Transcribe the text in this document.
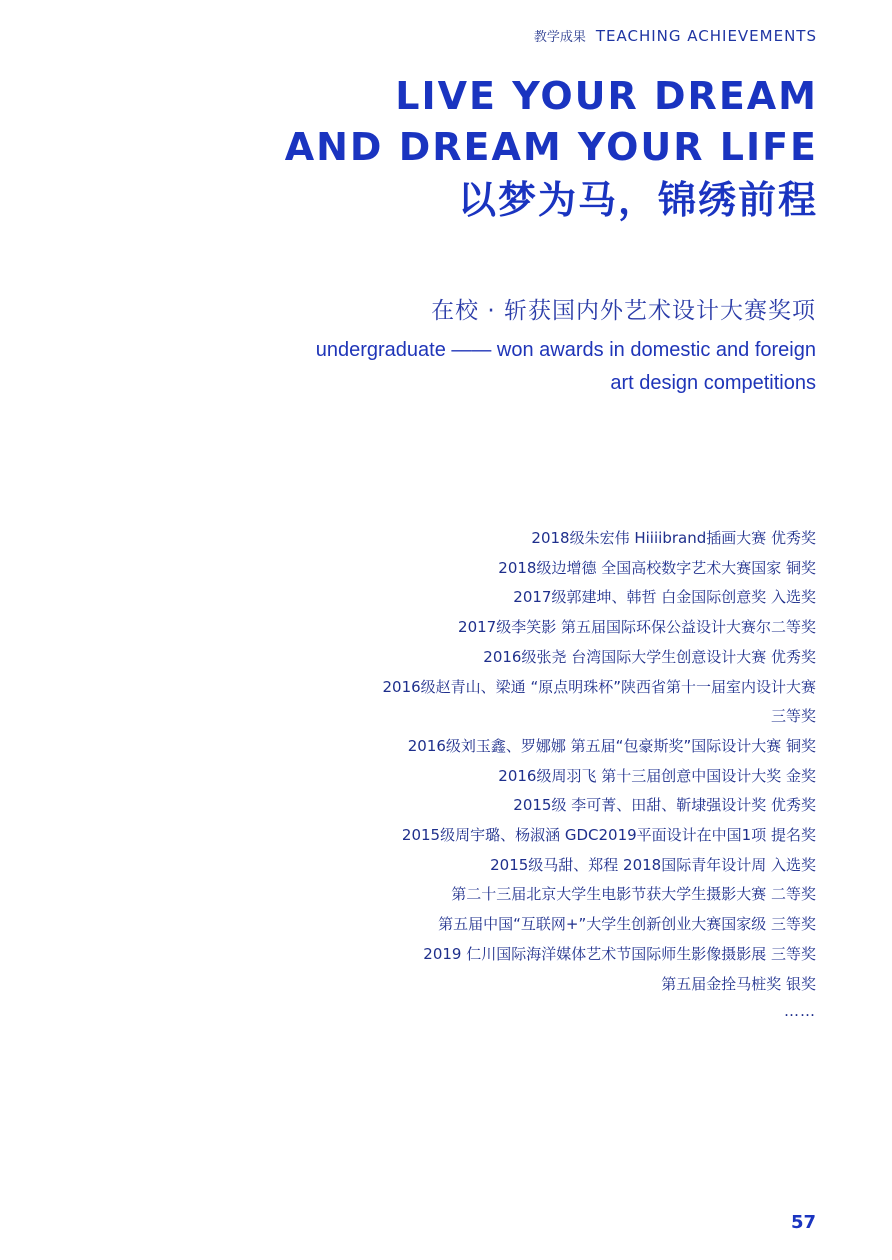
教学成果 TEACHING ACHIEVEMENTS
LIVE YOUR DREAM
AND DREAM YOUR LIFE
以梦为马，锦绣前程
在校 · 斩获国内外艺术设计大赛奖项
undergraduate —— won awards in domestic and foreign art design competitions
2018级朱宏伟 Hiiiibrand插画大赛 优秀奖
2018级边增德 全国高校数字艺术大赛国家 铜奖
2017级郭建坤、韩哲 白金国际创意奖 入选奖
2017级李笑影 第五届国际环保公益设计大赛尔二等奖
2016级张尧 台湾国际大学生创意设计大赛 优秀奖
2016级赵青山、梁通 “原点明珠杯”陕西省第十一届室内设计大赛
三等奖
2016级刘玉鑫、罗娜娜 第五届“包豪斯奖”国际设计大赛 铜奖
2016级周羽飞 第十三届创意中国设计大奖 金奖
2015级 李可菁、田甜、靳埭强设计奖 优秀奖
2015级周宇璐、杨淑涵 GDC2019平面设计在中国1项 提名奖
2015级马甜、郑程 2018国际青年设计周 入选奖
第二十三届北京大学生电影节获大学生摄影大赛 二等奖
第五届中国“互联网+”大学生创新创业大赛国家级 三等奖
2019 仁川国际海洋媒体艺术节国际师生影像摄影展 三等奖
第五届金拴马桩奖 银奖
……
57
